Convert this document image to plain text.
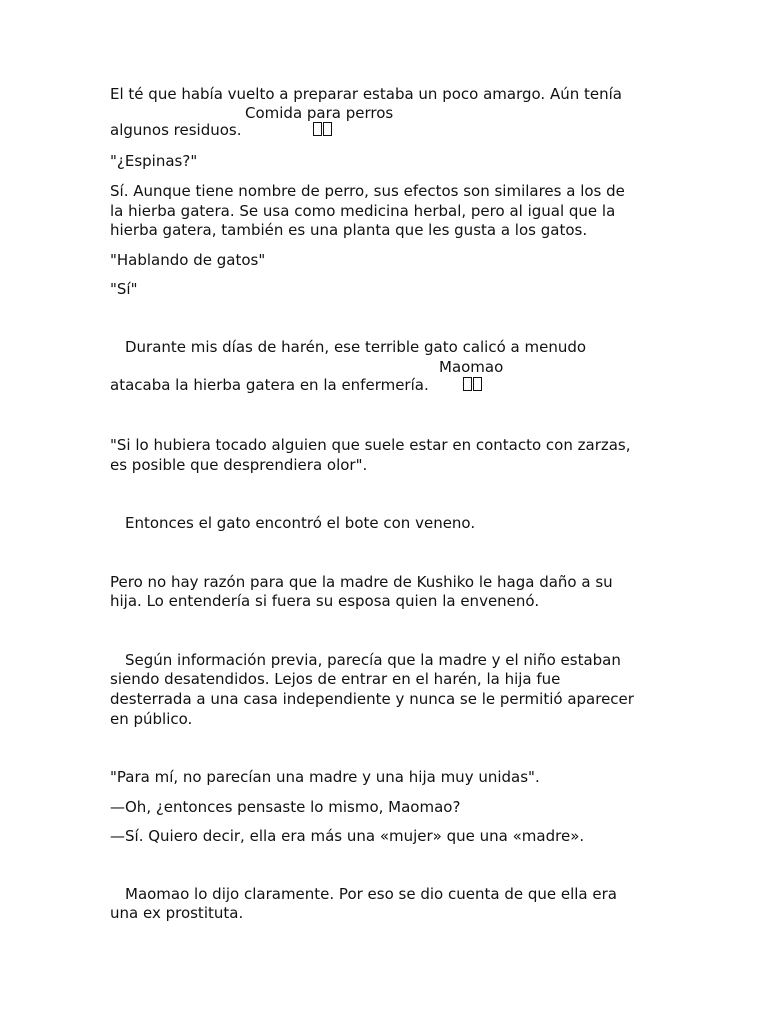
El té que había vuelto a preparar estaba un poco amargo. Aún tenía
Comida para perros
algunos residuos.
"¿Espinas?"
Sí. Aunque tiene nombre de perro, sus efectos son similares a los de
la hierba gatera. Se usa como medicina herbal, pero al igual que la
hierba gatera, también es una planta que les gusta a los gatos.
"Hablando de gatos"
"Sí"
Durante mis días de harén, ese terrible gato calicó a menudo
Maomao
atacaba la hierba gatera en la enfermería.
"Si lo hubiera tocado alguien que suele estar en contacto con zarzas,
es posible que desprendiera olor".
Entonces el gato encontró el bote con veneno.
Pero no hay razón para que la madre de Kushiko le haga daño a su
hija. Lo entendería si fuera su esposa quien la envenenó.
Según información previa, parecía que la madre y el niño estaban
siendo desatendidos. Lejos de entrar en el harén, la hija fue
desterrada a una casa independiente y nunca se le permitió aparecer
en público.
"Para mí, no parecían una madre y una hija muy unidas".
—Oh, ¿entonces pensaste lo mismo, Maomao?
—Sí. Quiero decir, ella era más una «mujer» que una «madre».
Maomao lo dijo claramente. Por eso se dio cuenta de que ella era
una ex prostituta.
